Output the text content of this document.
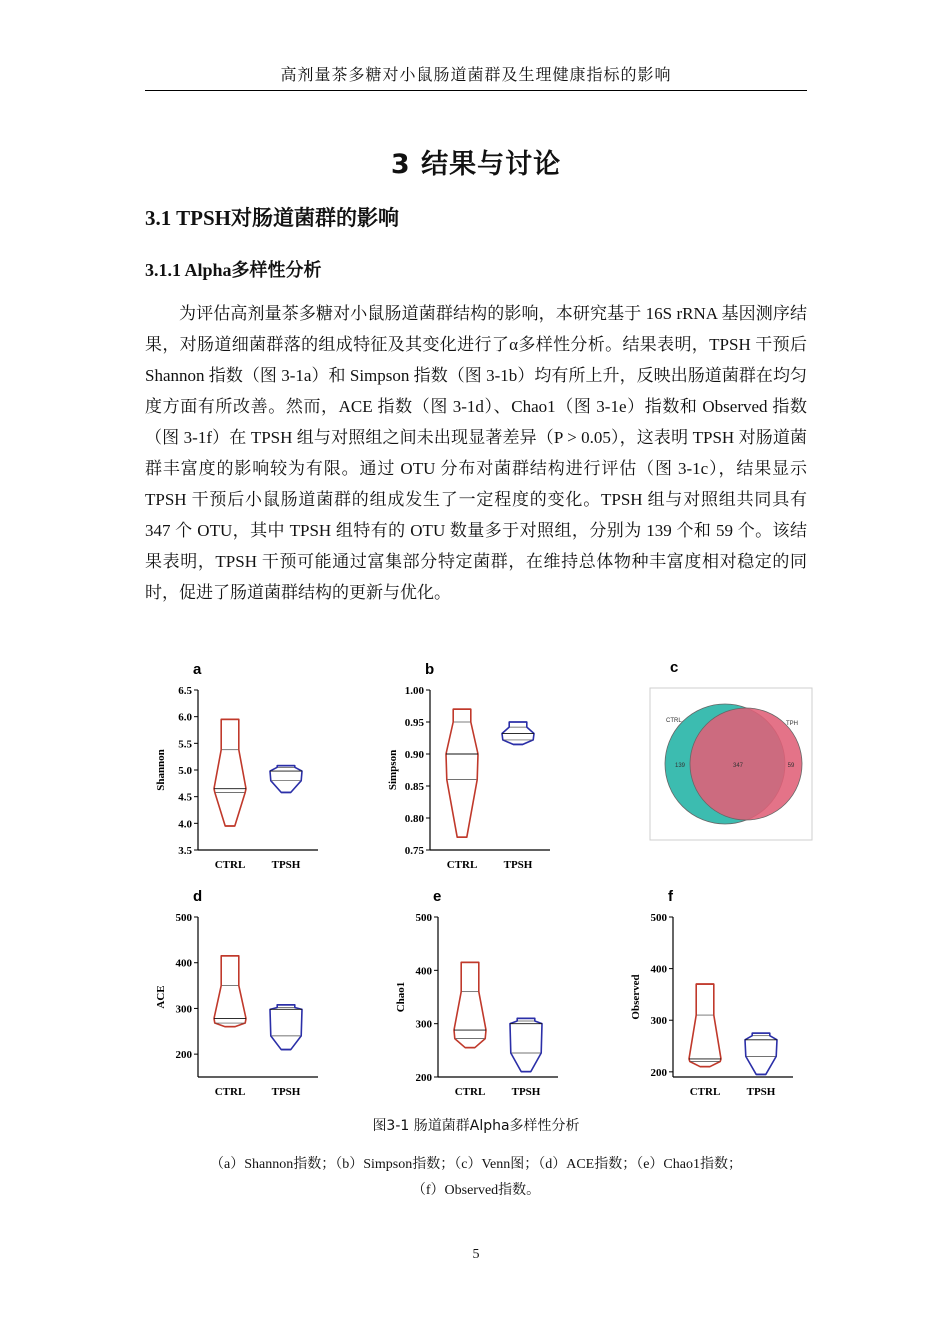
高剂量茶多糖对小鼠肠道菌群及生理健康指标的影响
3 结果与讨论
3.1 TPSH对肠道菌群的影响
3.1.1 Alpha多样性分析
为评估高剂量茶多糖对小鼠肠道菌群结构的影响，本研究基于 16S rRNA 基因测序结果，对肠道细菌群落的组成特征及其变化进行了α多样性分析。结果表明，TPSH 干预后 Shannon 指数（图 3-1a）和 Simpson 指数（图 3-1b）均有所上升，反映出肠道菌群在均匀度方面有所改善。然而，ACE 指数（图 3-1d）、Chao1（图 3-1e）指数和 Observed 指数（图 3-1f）在 TPSH 组与对照组之间未出现显著差异（P > 0.05），这表明 TPSH 对肠道菌群丰富度的影响较为有限。通过 OTU 分布对菌群结构进行评估（图 3-1c），结果显示 TPSH 干预后小鼠肠道菌群的组成发生了一定程度的变化。TPSH 组与对照组共同具有 347 个 OTU，其中 TPSH 组特有的 OTU 数量多于对照组，分别为 139 个和 59 个。该结果表明，TPSH 干预可能通过富集部分特定菌群，在维持总体物种丰富度相对稳定的同时，促进了肠道菌群结构的更新与优化。
a
3.5
4.0
4.5
5.0
5.5
6.0
6.5
Shannon
CTRL TPSH
b
0.75
0.80
0.85
0.90
0.95
1.00
Simpson
CTRL TPSH
c
CTRL	TPH
139	347	59
d
200
300
400
500
ACE
CTRL TPSH
e
200
300
400
500
Chao1
CTRL TPSH
f
200
300
400
500
Observed
CTRL TPSH
图3-1 肠道菌群Alpha多样性分析
（a）Shannon指数；（b）Simpson指数；（c）Venn图；（d）ACE指数；（e）Chao1指数；
（f）Observed指数。
5
